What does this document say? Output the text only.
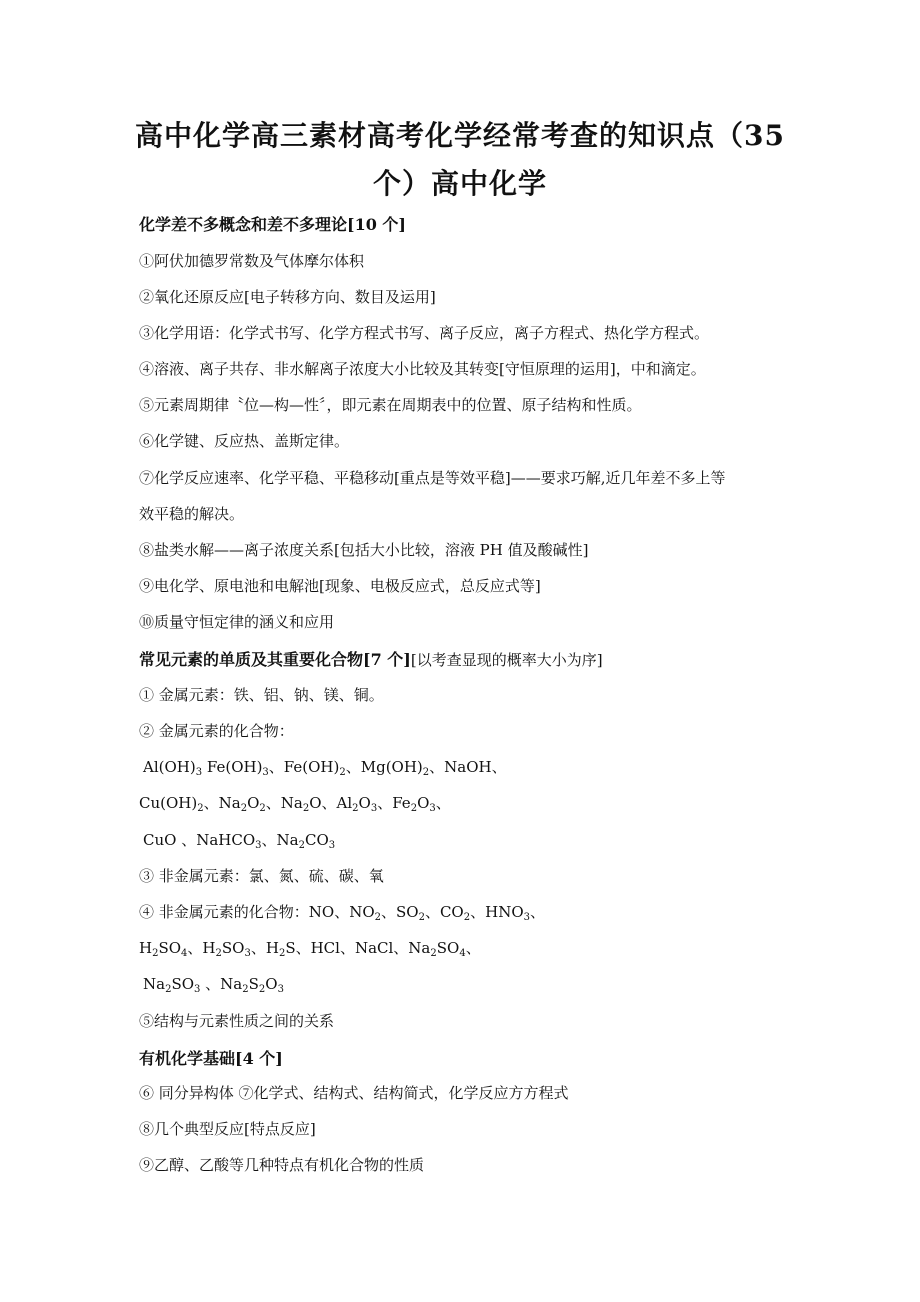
高中化学高三素材高考化学经常考查的知识点（35
个）高中化学
化学差不多概念和差不多理论[10 个]
①阿伏加德罗常数及气体摩尔体积
②氧化还原反应[电子转移方向、数目及运用]
③化学用语：化学式书写、化学方程式书写、离子反应，离子方程式、热化学方程式。
④溶液、离子共存、非水解离子浓度大小比较及其转变[守恒原理的运用]，中和滴定。
⑤元素周期律〝位—构—性〞，即元素在周期表中的位置、原子结构和性质。
⑥化学键、反应热、盖斯定律。
⑦化学反应速率、化学平稳、平稳移动[重点是等效平稳]——要求巧解,近几年差不多上等
效平稳的解决。
⑧盐类水解——离子浓度关系[包括大小比较，溶液 PH 值及酸碱性]
⑨电化学、原电池和电解池[现象、电极反应式，总反应式等]
⑩质量守恒定律的涵义和应用
常见元素的单质及其重要化合物[7 个][以考查显现的概率大小为序]
① 金属元素：铁、铝、钠、镁、铜。
② 金属元素的化合物：
$Al(OH)_3$ $Fe(OH)_3$、$Fe(OH)_2$、$Mg(OH)_2$、NaOH、
$Cu(OH)_2$、$Na_2O_2$、$Na_2O$、$Al_2O_3$、$Fe_2O_3$、
CuO 、NaHCO$_3$、$Na_2CO_3$
③ 非金属元素：氯、氮、硫、碳、氧
④ 非金属元素的化合物：NO、$NO_2$、$SO_2$、$CO_2$、$HNO_3$、
$H_2SO_4$、$H_2SO_3$、$H_2S$、HCl、NaCl、$Na_2SO_4$、
$Na_2SO_3$ 、$Na_2S_2O_3$
⑤结构与元素性质之间的关系
有机化学基础[4 个]
⑥ 同分异构体 ⑦化学式、结构式、结构简式，化学反应方方程式
⑧几个典型反应[特点反应]
⑨乙醇、乙酸等几种特点有机化合物的性质
